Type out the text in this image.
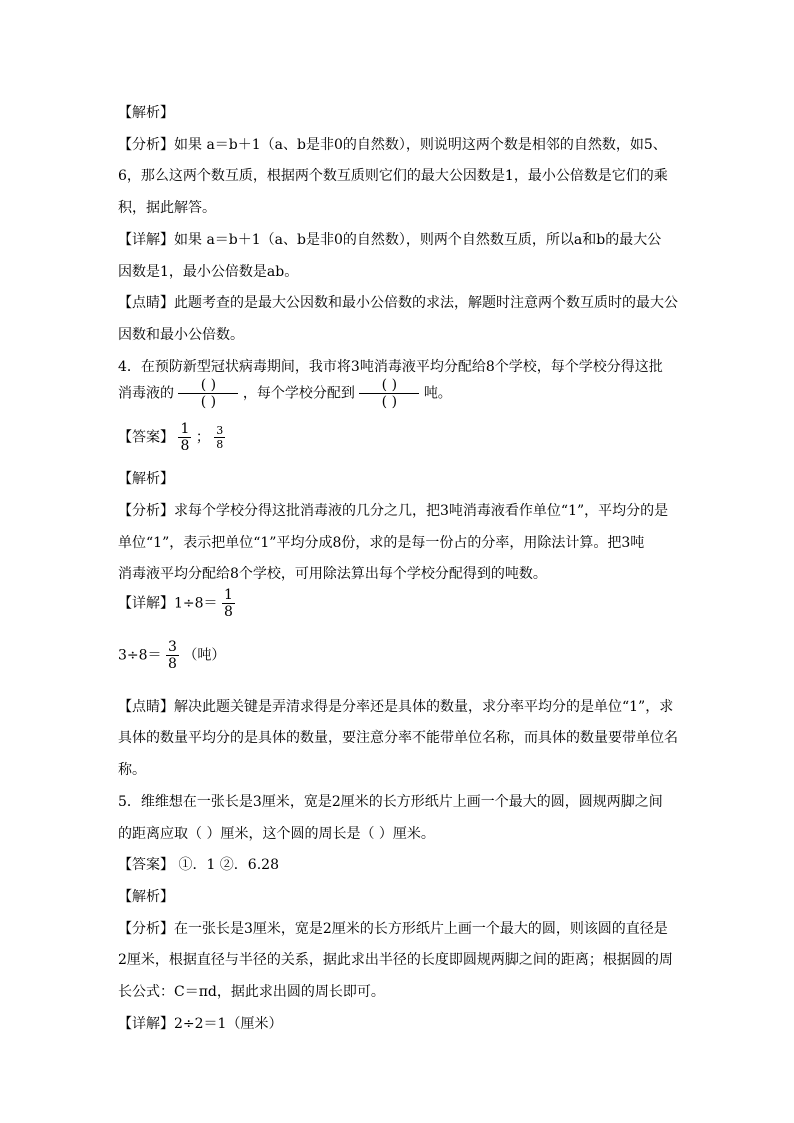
【解析】
【分析】如果 a＝b＋1（a、b是非0的自然数），则说明这两个数是相邻的自然数，如5、
6，那么这两个数互质，根据两个数互质则它们的最大公因数是1，最小公倍数是它们的乘
积，据此解答。
【详解】如果 a＝b＋1（a、b是非0的自然数），则两个自然数互质，所以a和b的最大公
因数是1，最小公倍数是ab。
【点睛】此题考查的是最大公因数和最小公倍数的求法，解题时注意两个数互质时的最大公
因数和最小公倍数。
4．在预防新型冠状病毒期间，我市将3吨消毒液平均分配给8个学校，每个学校分得这批
消毒液的 $\frac{( )}{( )}$ ，每个学校分配到 $\frac{( )}{( )}$ 吨。
【答案】 $\frac{1}{8}$ ； $\frac{3}{8}$
【解析】
【分析】求每个学校分得这批消毒液的几分之几，把3吨消毒液看作单位“1”，平均分的是
单位“1”，表示把单位“1”平均分成8份，求的是每一份占的分率，用除法计算。把3吨
消毒液平均分配给8个学校，可用除法算出每个学校分配得到的吨数。
【详解】$1\div 8= \frac{1}{8}$
$3\div 8= \frac{3}{8}$ （吨）
【点睛】解决此题关键是弄清求得是分率还是具体的数量，求分率平均分的是单位“1”，求
具体的数量平均分的是具体的数量，要注意分率不能带单位名称，而具体的数量要带单位名
称。
5．维维想在一张长是3厘米，宽是2厘米的长方形纸片上画一个最大的圆，圆规两脚之间
的距离应取（ ）厘米，这个圆的周长是（ ）厘米。
【答案】 ①．1 ②．6.28
【解析】
【分析】在一张长是3厘米，宽是2厘米的长方形纸片上画一个最大的圆，则该圆的直径是
2厘米，根据直径与半径的关系，据此求出半径的长度即圆规两脚之间的距离；根据圆的周
长公式：C＝πd，据此求出圆的周长即可。
【详解】2÷2＝1（厘米）
